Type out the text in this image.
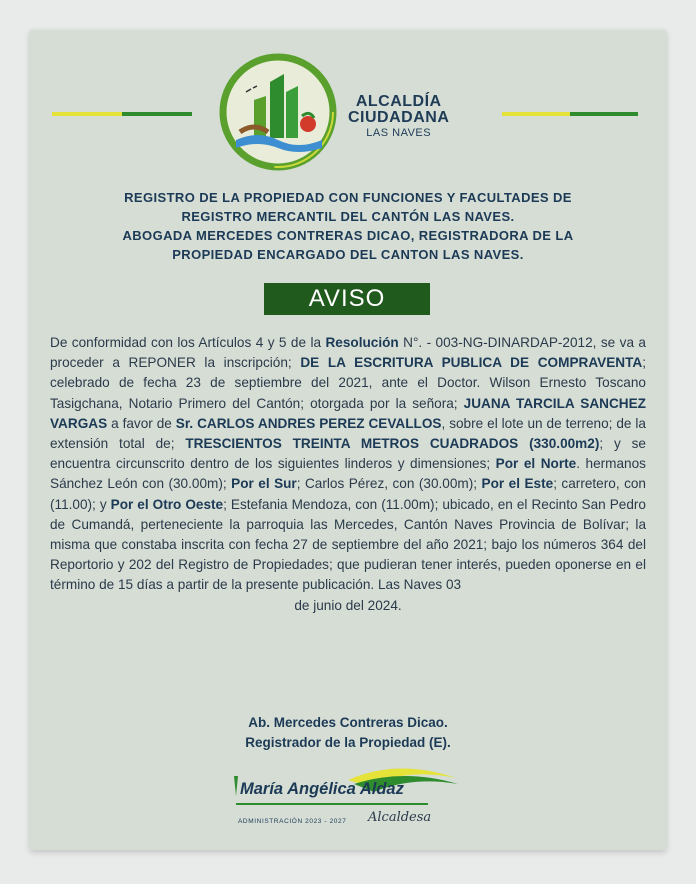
ALCALDÍA
CIUDADANA
LAS NAVES
REGISTRO DE LA PROPIEDAD CON FUNCIONES Y FACULTADES DE
REGISTRO MERCANTIL DEL CANTÓN LAS NAVES.
ABOGADA MERCEDES CONTRERAS DICAO, REGISTRADORA DE LA
PROPIEDAD ENCARGADO DEL CANTON LAS NAVES.
AVISO
De conformidad con los Artículos 4 y 5 de la Resolución N°. - 003-NG-DINARDAP-2012, se va a proceder a REPONER la inscripción; DE LA ESCRITURA PUBLICA DE COMPRAVENTA; celebrado de fecha 23 de septiembre del 2021, ante el Doctor. Wilson Ernesto Toscano Tasigchana, Notario Primero del Cantón; otorgada por la señora; JUANA TARCILA SANCHEZ VARGAS a favor de Sr. CARLOS ANDRES PEREZ CEVALLOS, sobre el lote un de terreno; de la extensión total de; TRESCIENTOS TREINTA METROS CUADRADOS (330.00m2); y se encuentra circunscrito dentro de los siguientes linderos y dimensiones; Por el Norte. hermanos Sánchez León con (30.00m); Por el Sur; Carlos Pérez, con (30.00m); Por el Este; carretero, con (11.00); y Por el Otro Oeste; Estefania Mendoza, con (11.00m); ubicado, en el Recinto San Pedro de Cumandá, perteneciente la parroquia las Mercedes, Cantón Naves Provincia de Bolívar; la misma que constaba inscrita con fecha 27 de septiembre del año 2021; bajo los números 364 del Reportorio y 202 del Registro de Propiedades; que pudieran tener interés, pueden oponerse en el término de 15 días a partir de la presente publicación. Las Naves 03
de junio del 2024.
Ab. Mercedes Contreras Dicao.
Registrador de la Propiedad (E).
María Angélica Aldaz
ADMINISTRACIÓN 2023 - 2027 Alcaldesa
